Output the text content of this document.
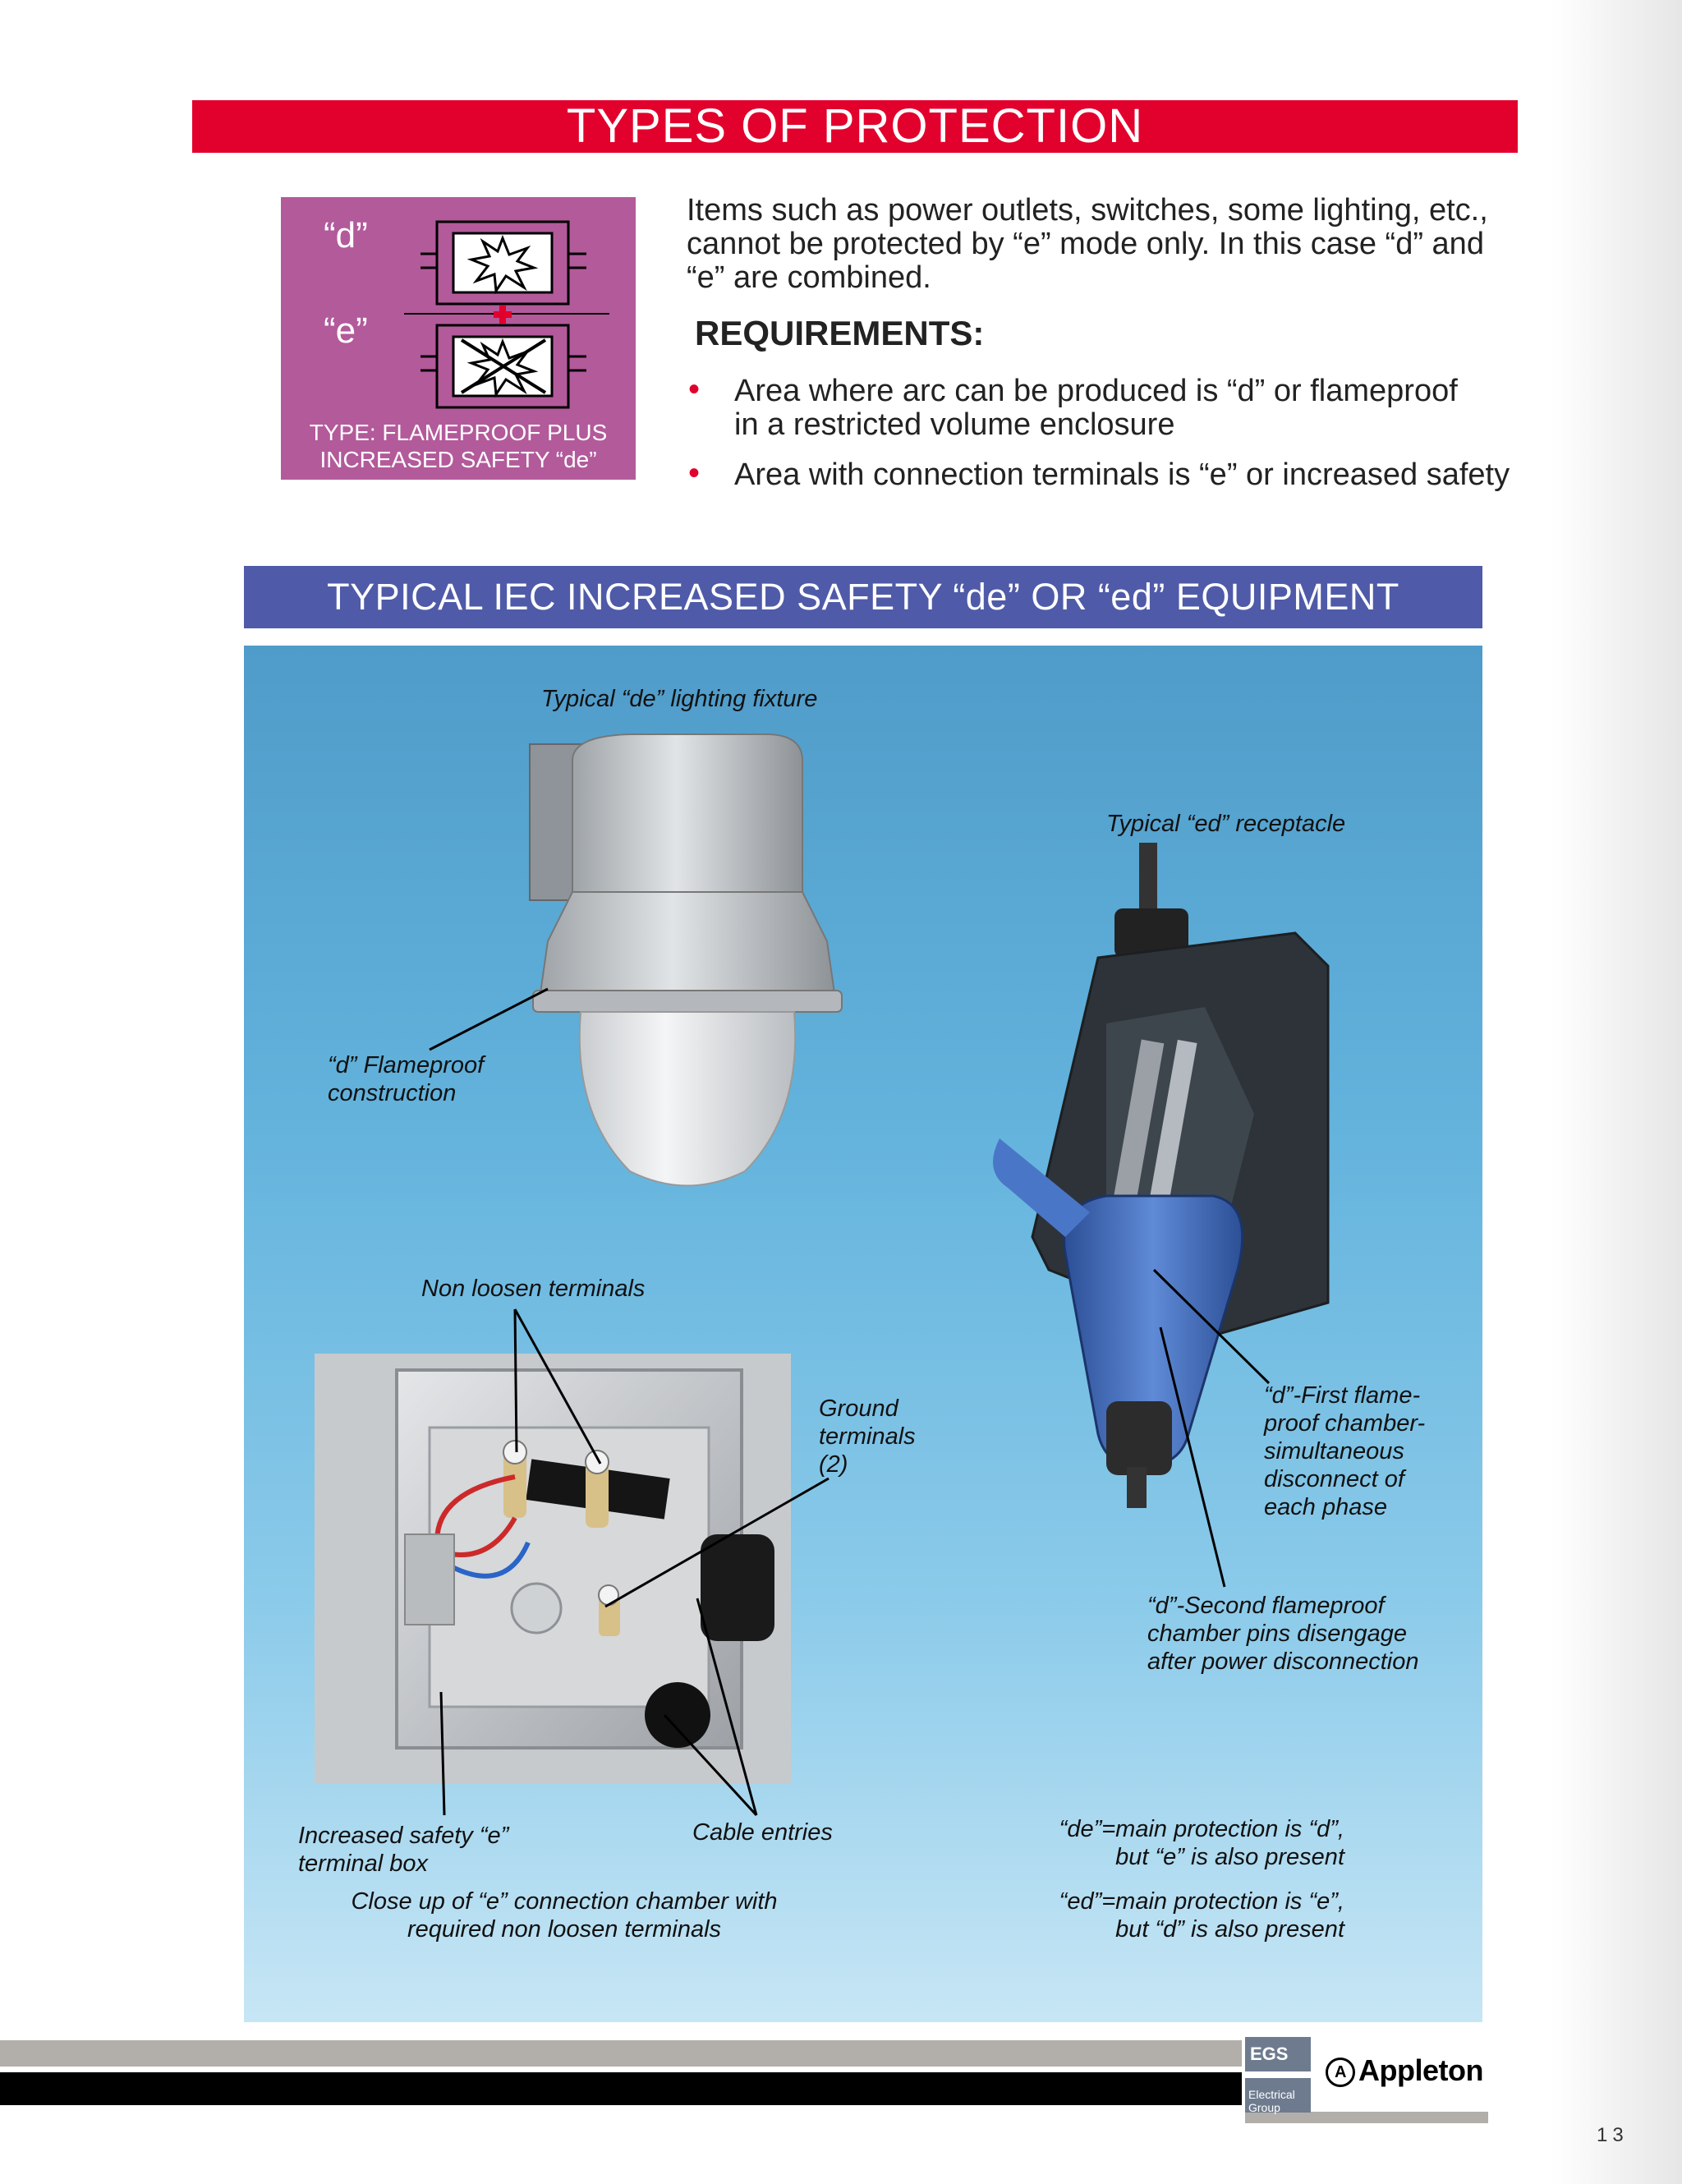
TYPES OF PROTECTION
“d”
“e”
TYPE: FLAMEPROOF PLUS
INCREASED SAFETY “de”
Items such as power outlets, switches, some lighting, etc.,
cannot be protected by “e” mode only. In this case “d” and
“e” are combined.
REQUIREMENTS:
• Area where arc can be produced is “d” or flameproof
in a restricted volume enclosure
• Area with connection terminals is “e” or increased safety
TYPICAL IEC INCREASED SAFETY “de” OR “ed” EQUIPMENT
Typical “de” lighting fixture
Typical “ed” receptacle
“d” Flameproof
construction
Non loosen terminals
Ground
terminals
(2)
“d”-First flame-
proof chamber-
simultaneous
disconnect of
each phase
“d”-Second flameproof
chamber pins disengage
after power disconnection
Increased safety “e”
terminal box
Cable entries
Close up of “e” connection chamber with
required non loosen terminals
“de”=main protection is “d”,
but “e” is also present
“ed”=main protection is “e”,
but “d” is also present
EGS
Electrical Group
A Appleton
13
